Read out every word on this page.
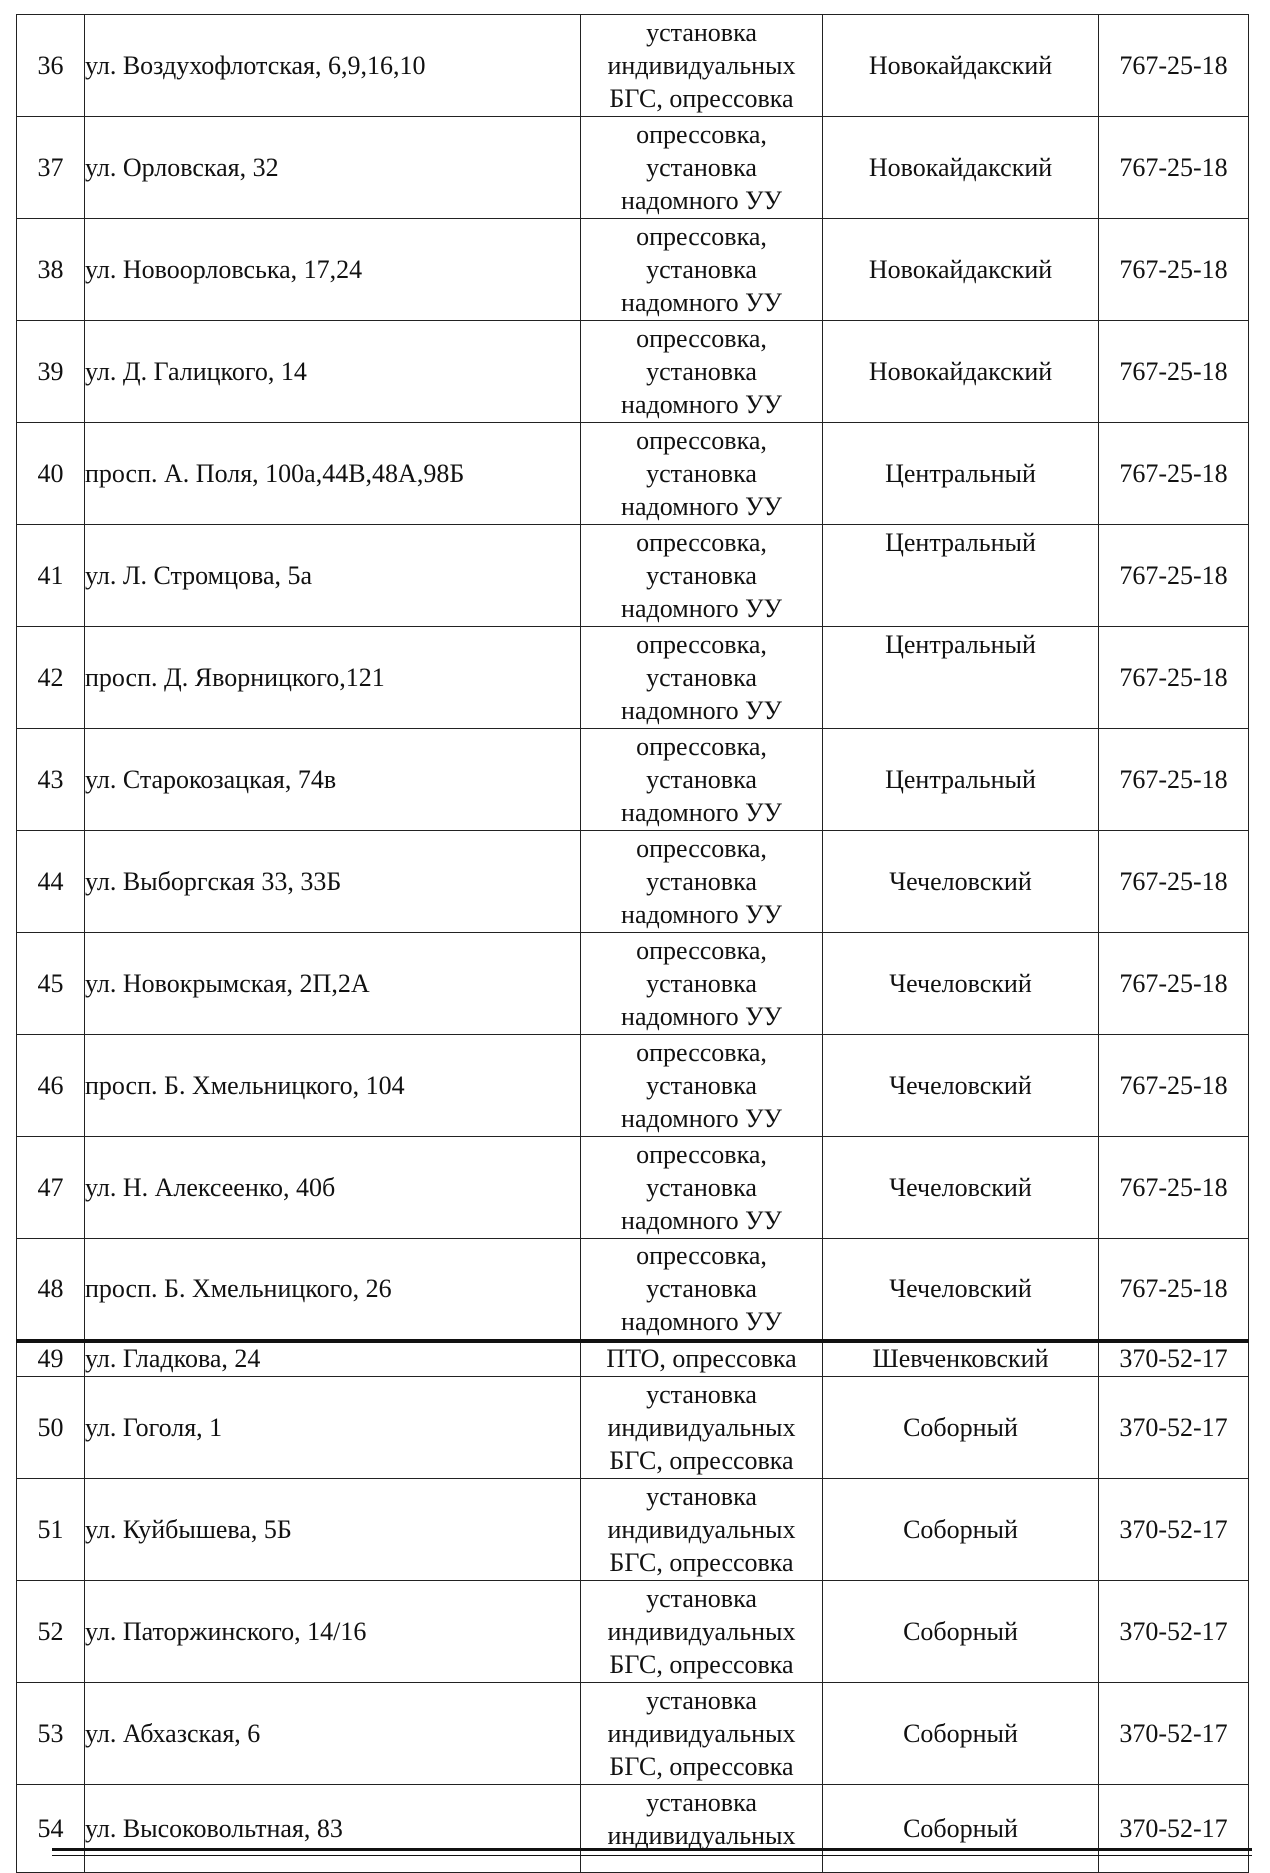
36	ул. Воздухофлотская, 6,9,16,10	установка
индивидуальных
БГС, опрессовка	Новокайдакский	767-25-18
37	ул. Орловская, 32	опрессовка,
установка
надомного УУ	Новокайдакский	767-25-18
38	ул. Новоорловська, 17,24	опрессовка,
установка
надомного УУ	Новокайдакский	767-25-18
39	ул. Д. Галицкого, 14	опрессовка,
установка
надомного УУ	Новокайдакский	767-25-18
40	просп. А. Поля, 100а,44В,48А,98Б	опрессовка,
установка
надомного УУ	Центральный	767-25-18
41	ул. Л. Стромцова, 5а	опрессовка,
установка
надомного УУ	Центральный	767-25-18
42	просп. Д. Яворницкого,121	опрессовка,
установка
надомного УУ	Центральный	767-25-18
43	ул. Старокозацкая, 74в	опрессовка,
установка
надомного УУ	Центральный	767-25-18
44	ул. Выборгская 33, 33Б	опрессовка,
установка
надомного УУ	Чечеловский	767-25-18
45	ул. Новокрымская, 2П,2А	опрессовка,
установка
надомного УУ	Чечеловский	767-25-18
46	просп. Б. Хмельницкого, 104	опрессовка,
установка
надомного УУ	Чечеловский	767-25-18
47	ул. Н. Алексеенко, 40б	опрессовка,
установка
надомного УУ	Чечеловский	767-25-18
48	просп. Б. Хмельницкого, 26	опрессовка,
установка
надомного УУ	Чечеловский	767-25-18
49	ул. Гладкова, 24	ПТО, опрессовка	Шевченковский	370-52-17
50	ул. Гоголя, 1	установка
индивидуальных
БГС, опрессовка	Соборный	370-52-17
51	ул. Куйбышева, 5Б	установка
индивидуальных
БГС, опрессовка	Соборный	370-52-17
52	ул. Паторжинского, 14/16	установка
индивидуальных
БГС, опрессовка	Соборный	370-52-17
53	ул. Абхазская, 6	установка
индивидуальных
БГС, опрессовка	Соборный	370-52-17
54	ул. Высоковольтная, 83	установка
индивидуальных	Соборный	370-52-17
